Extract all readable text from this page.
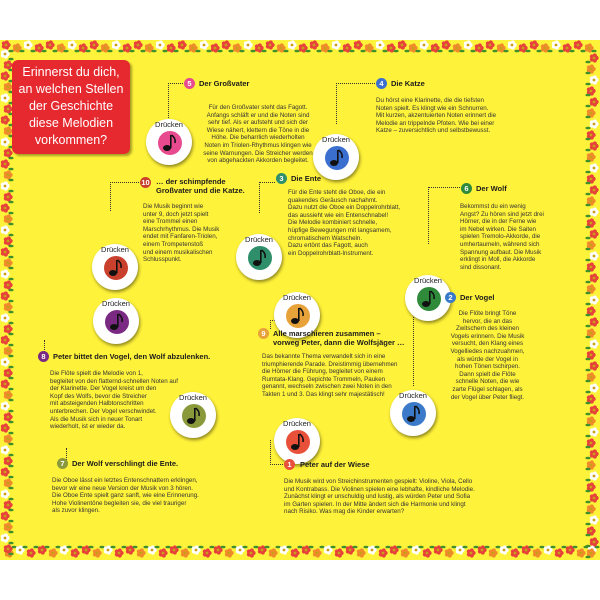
Erinnerst du dich,
an welchen Stellen
der Geschichte
diese Melodien
vorkommen?
Drücken
Drücken
Drücken
Drücken
Drücken
Drücken
Drücken
Drücken
Drücken
Drücken
5	4
10	3
6
8
9
2
7	1
Der Großvater	Die Katze
… der schimpfende
Großvater und die Katze.
Die Ente
Der Wolf
Peter bittet den Vogel, den Wolf abzulenken.
Alle marschieren zusammen –
vorweg Peter, dann die Wolfsjäger …
Der Vogel
Der Wolf verschlingt die Ente.	Peter auf der Wiese
Für den Großvater steht das Fagott.
Anfangs schläft er und die Noten sind
sehr tief. Als er aufsteht und sich der
Wiese nähert, klettern die Töne in die
Höhe. Die beharrlich wiederholten
Noten im Triolen-Rhythmus klingen wie
seine Warnungen. Die Streicher werden
von abgehackten Akkorden begleitet.
Du hörst eine Klarinette, die die tiefsten
Noten spielt. Es klingt wie ein Schnurren.
Mit kurzen, akzentuierten Noten erinnert die
Melodie an trippelnde Pfoten. Wie bei einer
Katze – zuversichtlich und selbstbewusst.
Die Musik beginnt wie
unter 9, doch jetzt spielt
eine Trommel einen
Marschrhythmus. Die Musik
endet mit Fanfaren-Triolen,
einem Trompetenstoß
und einem musikalischen
Schlusspunkt.
Für die Ente steht die Oboe, die ein
quakendes Geräusch nachahmt.
Dazu nutzt die Oboe ein Doppelrohrblatt,
das aussieht wie ein Entenschnabel!
Die Melodie kombiniert schnelle,
hüpfige Bewegungen mit langsamem,
chromatischem Watscheln.
Dazu ertönt das Fagott, auch
ein Doppelrohrblatt-Instrument.
Bekommst du ein wenig
Angst? Zu hören sind jetzt drei
Hörner, die in der Ferne wie
im Nebel wirken. Die Saiten
spielen Tremolo-Akkorde, die
umhertaumeln, während sich
Spannung aufbaut. Die Musik
erklingt in Moll, die Akkorde
sind dissonant.
Die Flöte spielt die Melodie von 1,
begleitet von den flatternd-schnellen Noten auf
der Klarinette. Der Vogel kreist um den
Kopf des Wolfs, bevor die Streicher
mit absteigenden Halbtonschritten
unterbrechen. Der Vogel verschwindet.
Als die Musik sich in neuer Tonart
wiederholt, ist er wieder da.
Das bekannte Thema verwandelt sich in eine
triumphierende Parade. Dreistimmig übernehmen
die Hörner die Führung, begleitet von einem
Rumtata-Klang. Gepichte Trommeln, Pauken
genannt, wechseln zwischen zwei Noten in den
Takten 1 und 3. Das klingt sehr majestätisch!
Die Flöte bringt Töne
hervor, die an das
Zwitschern des kleinen
Vogels erinnern. Die Musik
versucht, den Klang eines
Vogelliedes nachzuahmen,
als würde der Vogel in
hohen Tönen tschirpen.
Dann spielt die Flöte
schnelle Noten, die wie
zarte Flügel schlagen, als
der Vogel über Peter fliegt.
Die Oboe lässt ein letztes Entenschnattern erklingen,
bevor wir eine neue Version der Musik von 3 hören.
Die Oboe Ente spielt ganz sanft, wie eine Erinnerung.
Hohe Violinentöne begleiten sie, die viel trauriger
als zuvor klingen.
Die Musik wird von Streichinstrumenten gespielt: Violine, Viola, Cello
und Kontrabass. Die Violinen spielen eine lebhafte, kindliche Melodie.
Zunächst klingt er unschuldig und lustig, als würden Peter und Sofia
im Garten spielen. In der Mitte ändert sich die Harmonie und klingt
nach Risiko. Was mag die Kinder erwarten?
